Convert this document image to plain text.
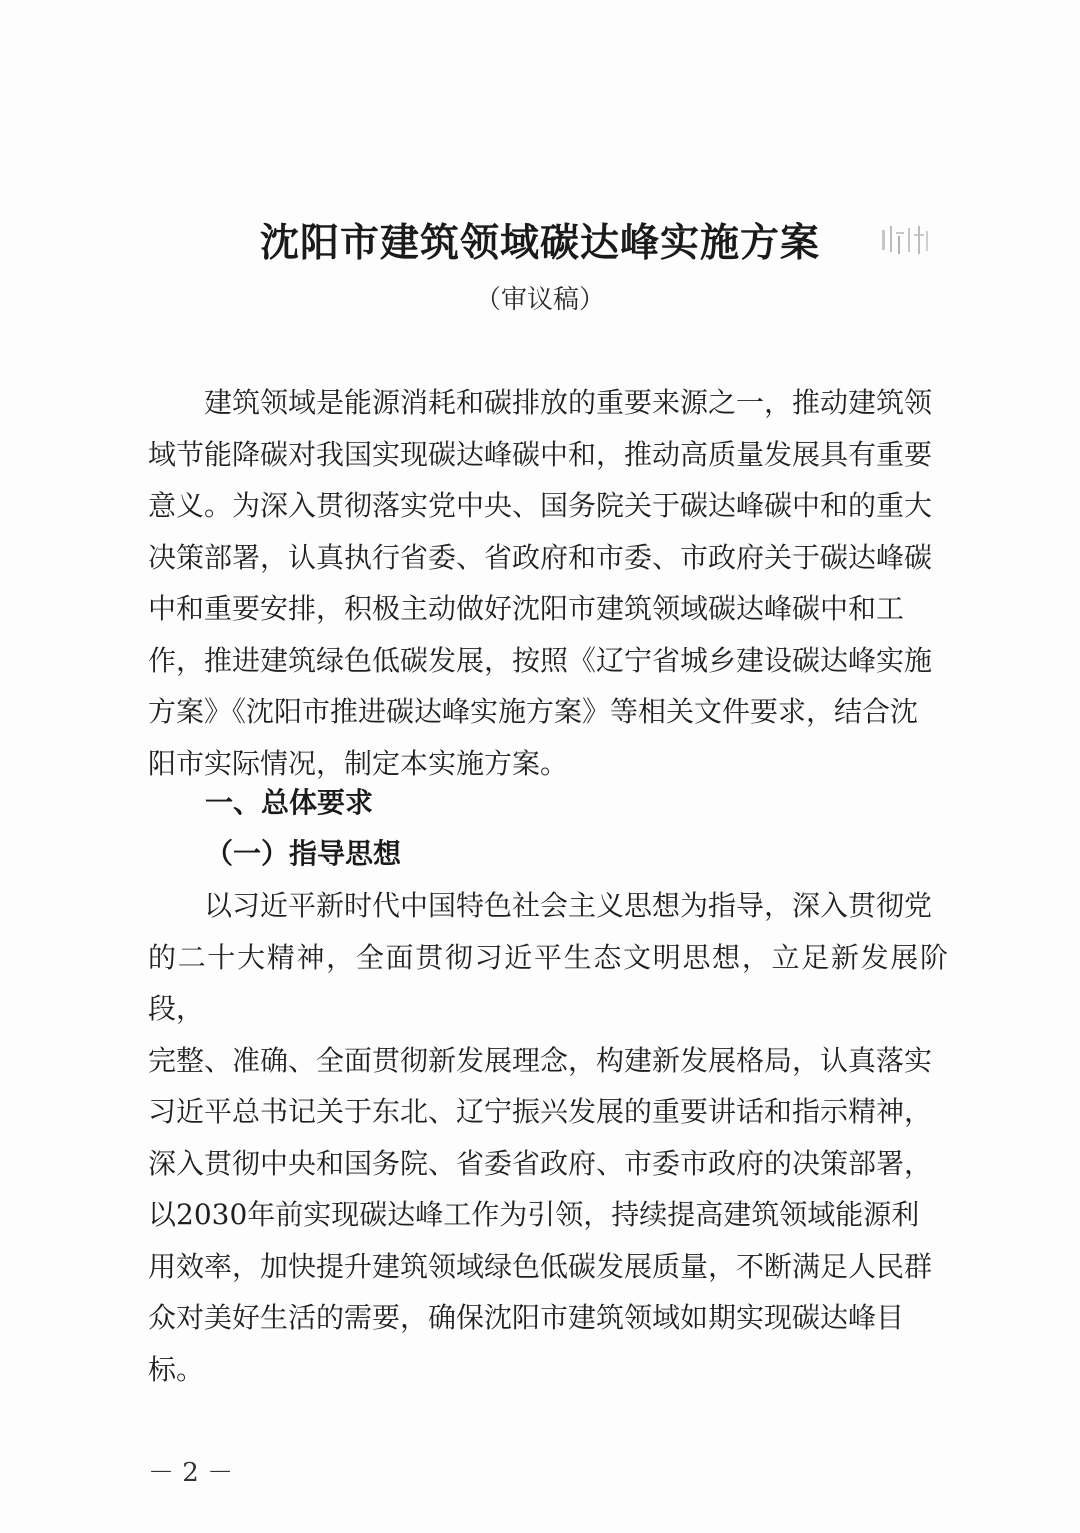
沈阳市建筑领域碳达峰实施方案

（审议稿）

　　建筑领域是能源消耗和碳排放的重要来源之一，推动建筑领
域节能降碳对我国实现碳达峰碳中和，推动高质量发展具有重要
意义。为深入贯彻落实党中央、国务院关于碳达峰碳中和的重大
决策部署，认真执行省委、省政府和市委、市政府关于碳达峰碳
中和重要安排，积极主动做好沈阳市建筑领域碳达峰碳中和工
作，推进建筑绿色低碳发展，按照《辽宁省城乡建设碳达峰实施
方案》《沈阳市推进碳达峰实施方案》等相关文件要求，结合沈
阳市实际情况，制定本实施方案。
一、总体要求
（一）指导思想
　　以习近平新时代中国特色社会主义思想为指导，深入贯彻党
的二十大精神，全面贯彻习近平生态文明思想，立足新发展阶段，
完整、准确、全面贯彻新发展理念，构建新发展格局，认真落实
习近平总书记关于东北、辽宁振兴发展的重要讲话和指示精神，
深入贯彻中央和国务院、省委省政府、市委市政府的决策部署，
以2030年前实现碳达峰工作为引领，持续提高建筑领域能源利
用效率，加快提升建筑领域绿色低碳发展质量，不断满足人民群
众对美好生活的需要，确保沈阳市建筑领域如期实现碳达峰目
标。

－ 2 －
